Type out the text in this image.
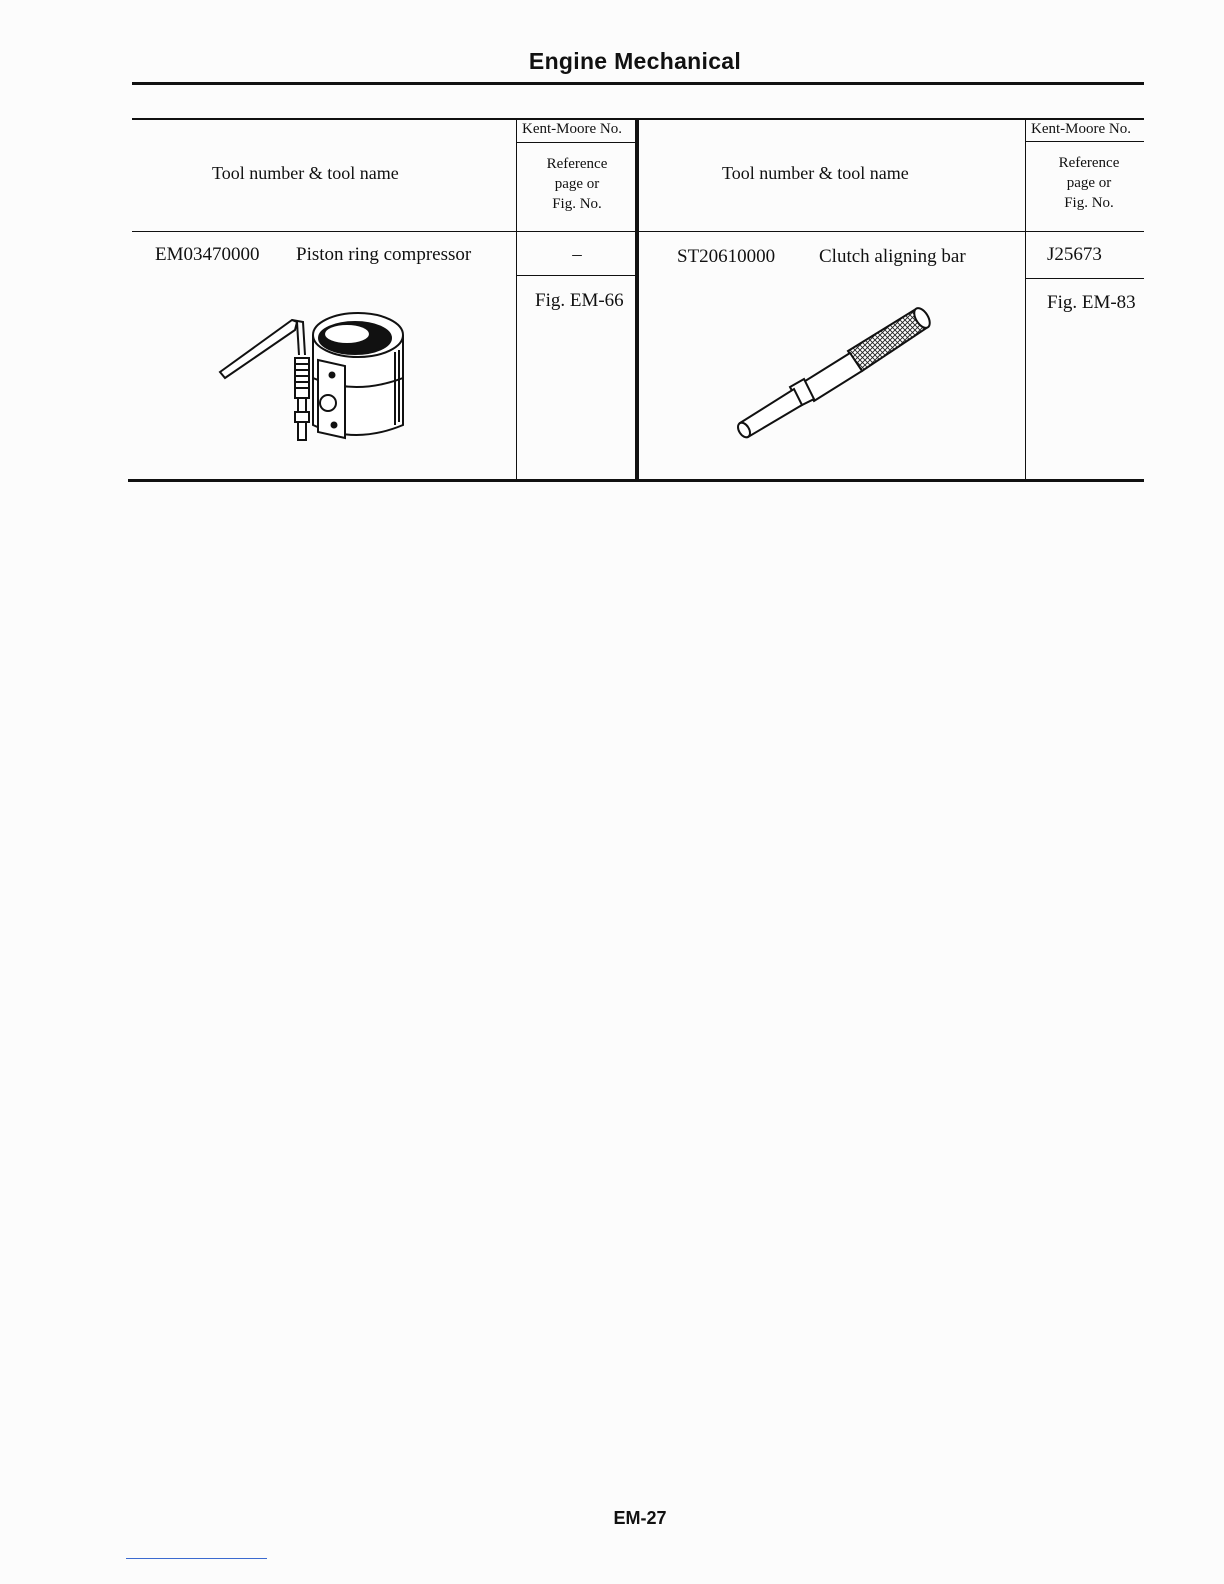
Engine Mechanical
Tool number & tool name
Kent-Moore No.
Reference
page or
Fig. No.
Tool number & tool name
Kent-Moore No.
Reference
page or
Fig. No.
EM03470000 Piston ring compressor	–
Fig. EM-66
ST20610000 Clutch aligning bar	J25673
Fig. EM-83
EM-27
